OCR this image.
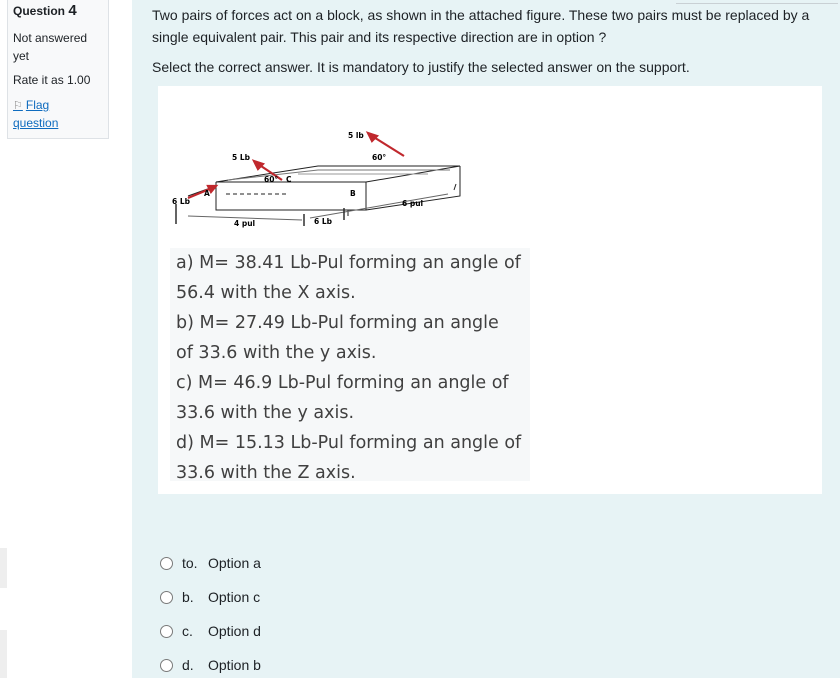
Question 4
Not answered
yet
Rate it as 1.00
⚐ Flag
question

Two pairs of forces act on a block, as shown in the attached figure. These two pairs must be replaced by a single equivalent pair. This pair and its respective direction are in option ?

Select the correct answer. It is mandatory to justify the selected answer on the support.

5 lb
60°
5 Lb
60°
6 Lb
6 Lb
4 pul
6 pul
A	B
C
a) M= 38.41 Lb-Pul forming an angle of
56.4 with the X axis.
b) M= 27.49 Lb-Pul forming an angle
of 33.6 with the y axis.
c) M= 46.9 Lb-Pul forming an angle of
33.6 with the y axis.
d) M= 15.13 Lb-Pul forming an angle of
33.6 with the Z axis.
to. Option a
b.	Option c
c.	Option d
d.	Option b
